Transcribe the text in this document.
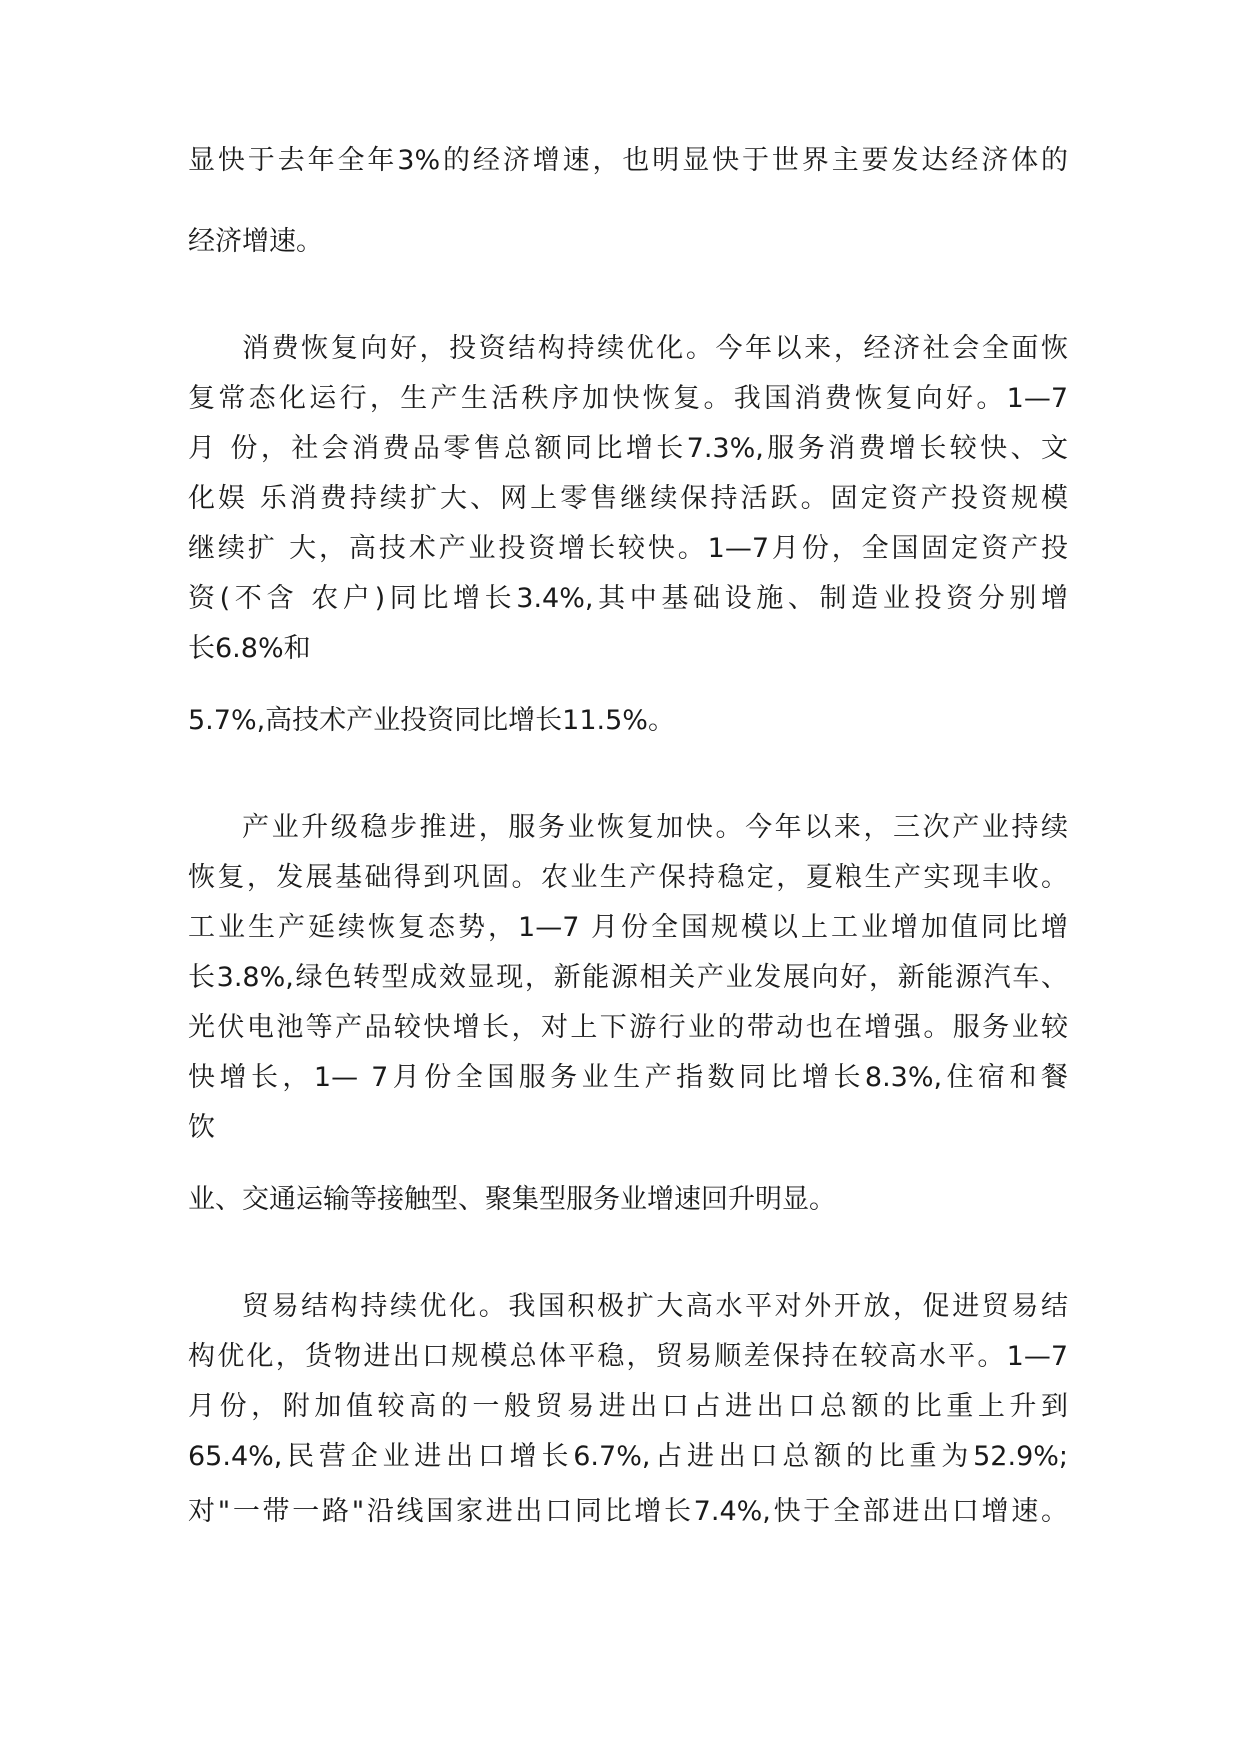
显快于去年全年3%的经济增速，也明显快于世界主要发达经济体的
经济增速。
消费恢复向好，投资结构持续优化。今年以来，经济社会全面恢
复常态化运行，生产生活秩序加快恢复。我国消费恢复向好。1—7
月 份，社会消费品零售总额同比增长7.3%,服务消费增长较快、文
化娱 乐消费持续扩大、网上零售继续保持活跃。固定资产投资规模
继续扩 大，高技术产业投资增长较快。1—7月份，全国固定资产投
资(不含 农户)同比增长3.4%,其中基础设施、制造业投资分别增
长6.8%和
5.7%,高技术产业投资同比增长11.5%。
产业升级稳步推进，服务业恢复加快。今年以来，三次产业持续
恢复，发展基础得到巩固。农业生产保持稳定，夏粮生产实现丰收。
工业生产延续恢复态势，1—7 月份全国规模以上工业增加值同比增
长3.8%,绿色转型成效显现，新能源相关产业发展向好，新能源汽车、
光伏电池等产品较快增长，对上下游行业的带动也在增强。服务业较
快增长，1— 7月份全国服务业生产指数同比增长8.3%,住宿和餐
饮
业、交通运输等接触型、聚集型服务业增速回升明显。
贸易结构持续优化。我国积极扩大高水平对外开放，促进贸易结
构优化，货物进出口规模总体平稳，贸易顺差保持在较高水平。1—7
月份，附加值较高的一般贸易进出口占进出口总额的比重上升到
65.4%,民营企业进出口增长6.7%,占进出口总额的比重为52.9%;
对"一带一路"沿线国家进出口同比增长7.4%,快于全部进出口增速。
